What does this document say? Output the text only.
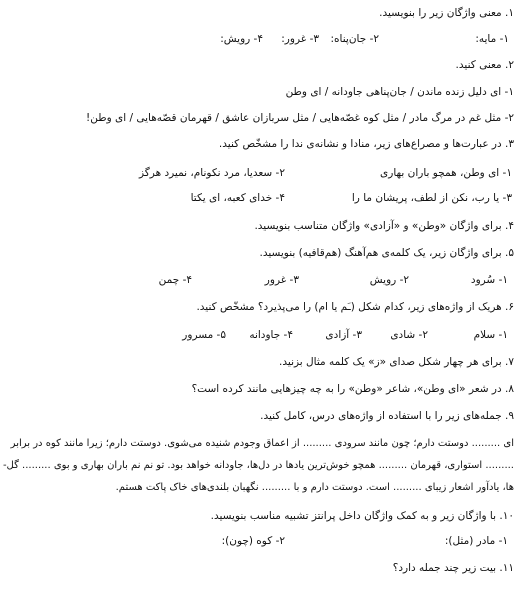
۱. معنی واژگان زیر را بنویسید.
۱- مایه:
۲- جان‌پناه:
۳- غرور:
۴- رویش:
۲. معنی کنید.
۱- ای دلیل زنده ماندن / جان‌پناهی جاودانه / ای وطن
۲- مثل غم در مرگ مادر / مثل کوه غصّه‌هایی / مثل سربازان عاشق / قهرمان قصّه‌هایی / ای وطن!
۳. در عبارت‌ها و مصراع‌های زیر، منادا و نشانه‌ی ندا را مشخّص کنید.
۱- ای وطن، همچو باران بهاری
۲- سعدیا، مرد نکونام، نمیرد هرگز
۳- یا رب، نکن از لطف، پریشان ما را
۴- خدای کعبه، ای یکتا
۴. برای واژگان «وطن» و «آزادی» واژگان متناسب بنویسید.
۵. برای واژگان زیر، یک کلمه‌ی هم‌آهنگ (هم‌قافیه) بنویسید.
۱- سُرود
۲- رویش
۳- غرور
۴- چمن
۶. هریک از واژه‌های زیر، کدام شکل (ـَم یا ام) را می‌پذیرد؟ مشخّص کنید.
۱- سلام
۲- شادی
۳- آزادی
۴- جاودانه
۵- مسرور
۷. برای هر چهار شکل صدای «ز» یک کلمه مثال بزنید.
۸. در شعر «ای وطن»، شاعر «وطن» را به چه چیزهایی مانند کرده است؟
۹. جمله‌های زیر را با استفاده از واژه‌های درس، کامل کنید.
ای ......... دوستت دارم؛ چون مانند سرودی ......... از اعماق وجودم شنیده می‌شوی. دوستت دارم؛ زیرا مانند کوه در برابر
......... استواری، قهرمان ......... همچو خوش‌ترین یادها در دل‌ها، جاودانه خواهد بود. تو نم نم باران بهاری و بوی ......... گل-
ها، یادآور اشعار زیبای ......... است. دوستت دارم و با ......... نگهبان بلندی‌های خاک پاکت هستم.
۱۰. با واژگان زیر و به کمک واژگان داخل پرانتز تشبیه مناسب بنویسید.
۱- مادر (مثل):
۲- کوه (چون):
۱۱. بیت زیر چند جمله دارد؟
